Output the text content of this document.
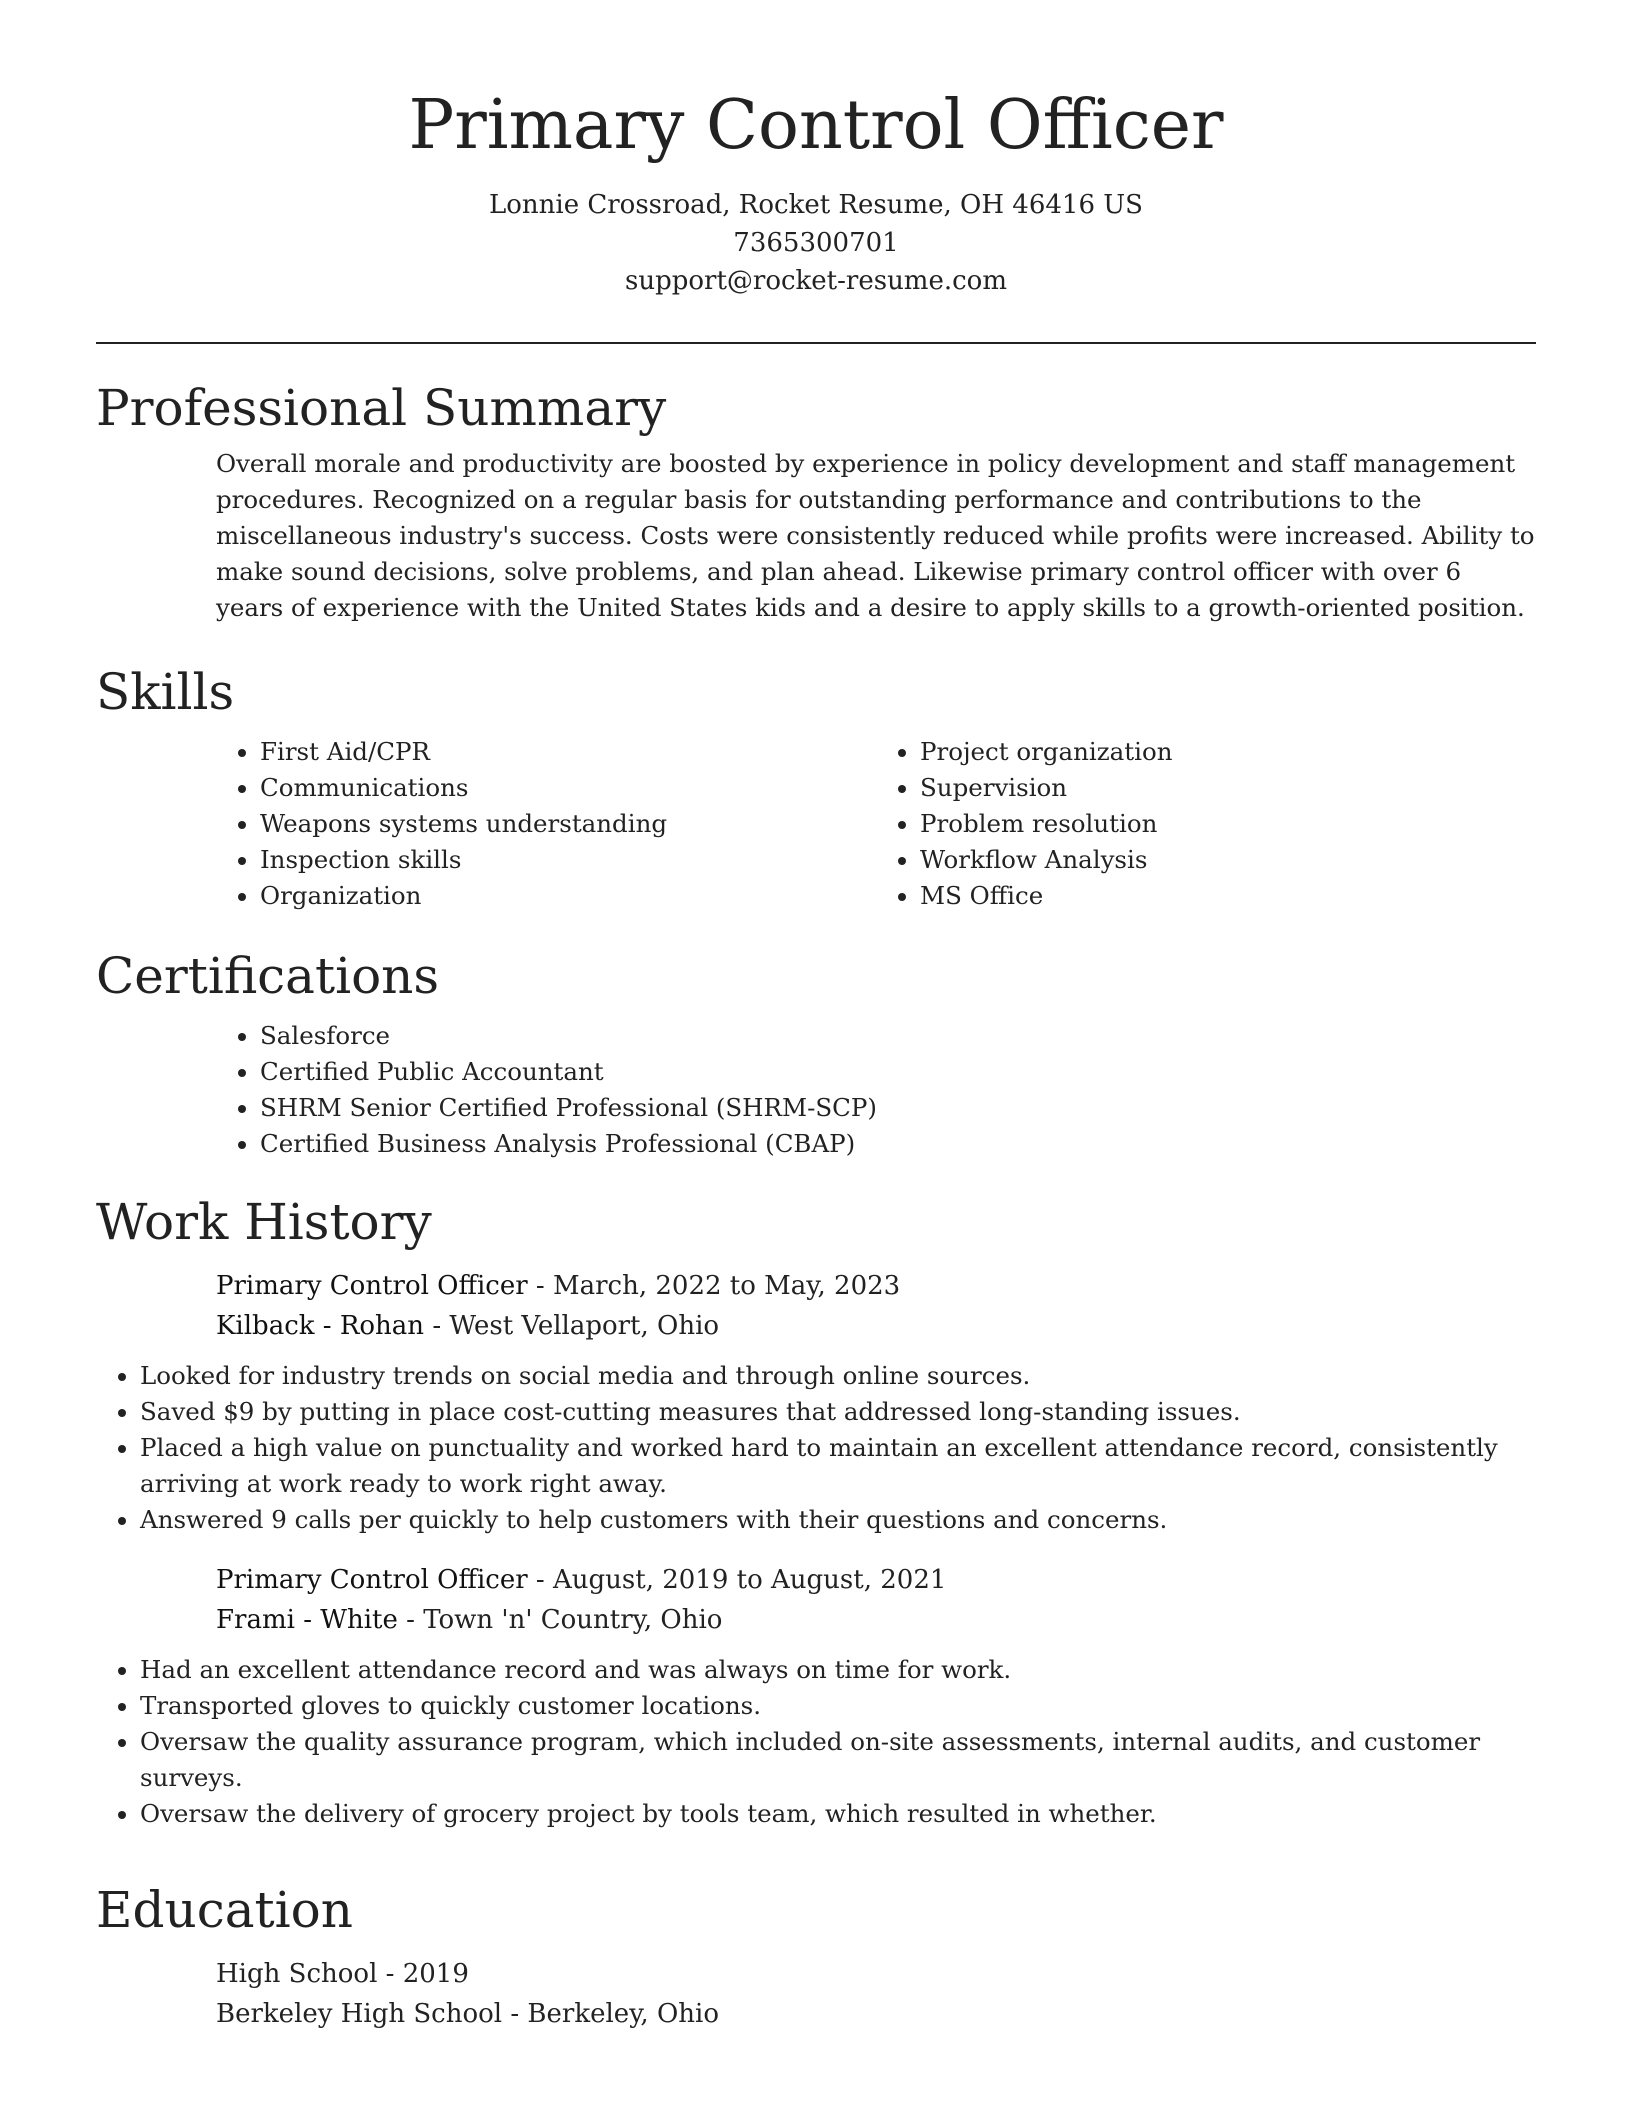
Primary Control Officer

Lonnie Crossroad, Rocket Resume, OH 46416 US

7365300701

support@rocket-resume.com

Professional Summary

Overall morale and productivity are boosted by experience in policy development and staff management procedures. Recognized on a regular basis for outstanding performance and contributions to the miscellaneous industry's success. Costs were consistently reduced while profits were increased. Ability to make sound decisions, solve problems, and plan ahead. Likewise primary control officer with over 6 years of experience with the United States kids and a desire to apply skills to a growth-oriented position.

Skills
• First Aid/CPR
• Communications
• Weapons systems understanding
• Inspection skills
• Organization
• Project organization
• Supervision
• Problem resolution
• Workflow Analysis
• MS Office
Certifications
• Salesforce
• Certified Public Accountant
• SHRM Senior Certified Professional (SHRM-SCP)
• Certified Business Analysis Professional (CBAP)
Work History

Primary Control Officer - March, 2022 to May, 2023

Kilback - Rohan - West Vellaport, Ohio

• Looked for industry trends on social media and through online sources.
• Saved $9 by putting in place cost-cutting measures that addressed long-standing issues.
• Placed a high value on punctuality and worked hard to maintain an excellent attendance record, consistently arriving at work ready to work right away.
• Answered 9 calls per quickly to help customers with their questions and concerns.

Primary Control Officer - August, 2019 to August, 2021

Frami - White - Town 'n' Country, Ohio

• Had an excellent attendance record and was always on time for work.
• Transported gloves to quickly customer locations.
• Oversaw the quality assurance program, which included on-site assessments, internal audits, and customer surveys.
• Oversaw the delivery of grocery project by tools team, which resulted in whether.
Education

High School - 2019

Berkeley High School - Berkeley, Ohio
